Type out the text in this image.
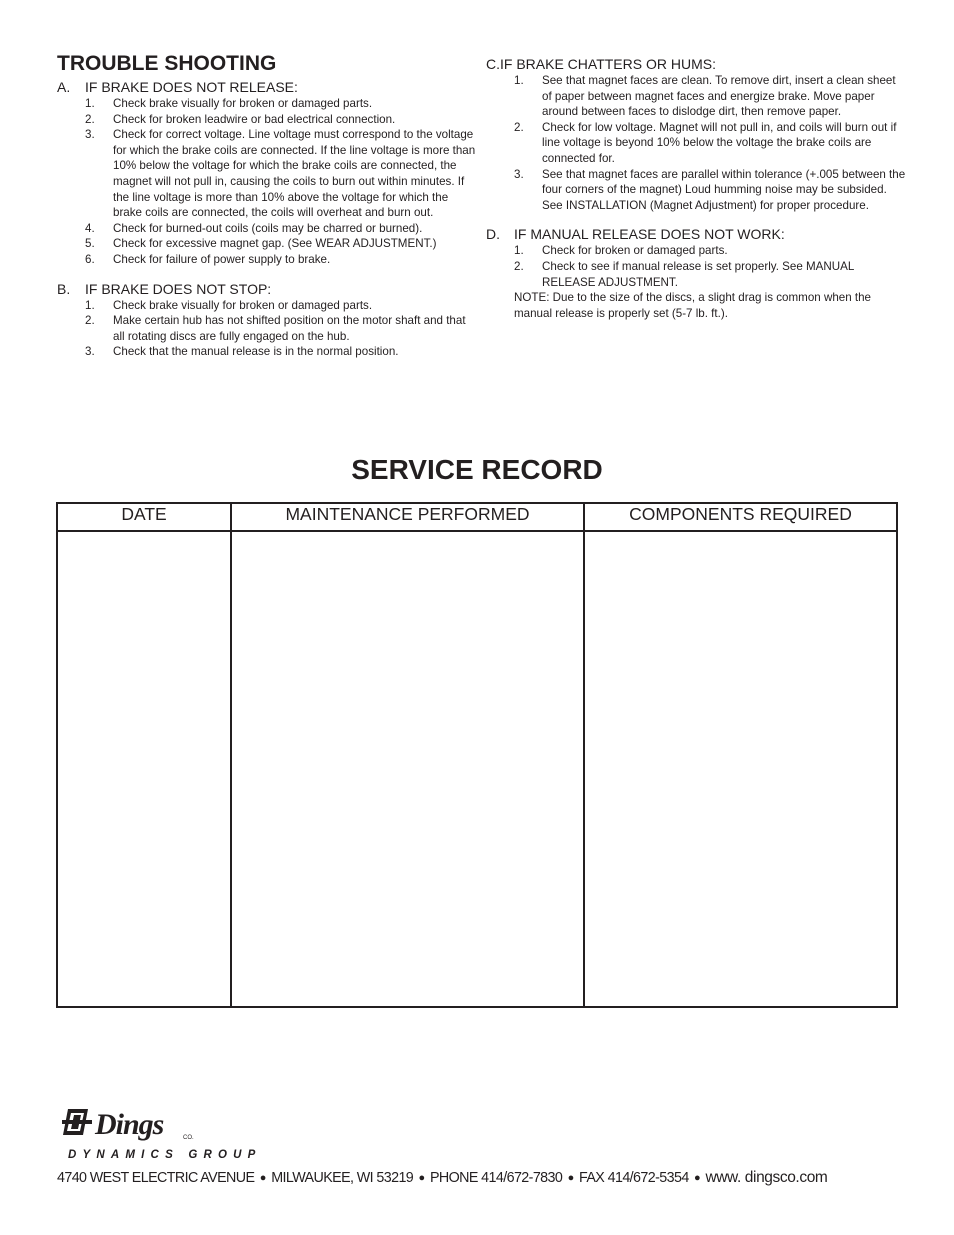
TROUBLE SHOOTING
A.	IF BRAKE DOES NOT RELEASE:
1.	Check brake visually for broken or damaged parts.
2.	Check for broken leadwire or bad electrical connection.
3.	Check for correct voltage. Line voltage must correspond to the voltage for which the brake coils are connected. If the line voltage is more than 10% below the voltage for which the brake coils are connected, the magnet will not pull in, causing the coils to burn out within minutes. If the line voltage is more than 10% above the voltage for which the brake coils are connected, the coils will overheat and burn out.
4.	Check for burned-out coils (coils may be charred or burned).
5.	Check for excessive magnet gap. (See WEAR ADJUSTMENT.)
6.	Check for failure of power supply to brake.
B.	IF BRAKE DOES NOT STOP:
1.	Check brake visually for broken or damaged parts.
2.	Make certain hub has not shifted position on the motor shaft and that all rotating discs are fully engaged on the hub.
3.	Check that the manual release is in the normal position.
C. IF BRAKE CHATTERS OR HUMS:
1.	See that magnet faces are clean. To remove dirt, insert a clean sheet of paper between magnet faces and energize brake. Move paper around between faces to dislodge dirt, then remove paper.
2.	Check for low voltage. Magnet will not pull in, and coils will burn out if line voltage is beyond 10% below the voltage the brake coils are connected for.
3.	See that magnet faces are parallel within tolerance (+.005 between the four corners of the magnet) Loud humming noise may be subsided. See INSTALLATION (Magnet Adjustment) for proper procedure.
D.	IF MANUAL RELEASE DOES NOT WORK:
1.	Check for broken or damaged parts.
2.	Check to see if manual release is set properly. See MANUAL RELEASE ADJUSTMENT.
NOTE: Due to the size of the discs, a slight drag is common when the manual release is properly set (5-7 lb. ft.).
SERVICE RECORD
DATE	MAINTENANCE PERFORMED	COMPONENTS REQUIRED
Dings	CO.
DYNAMICS GROUP
4740 WEST ELECTRIC AVENUE ● MILWAUKEE, WI 53219 ● PHONE 414/672-7830 ● FAX 414/672-5354 ● www. dingsco.com
